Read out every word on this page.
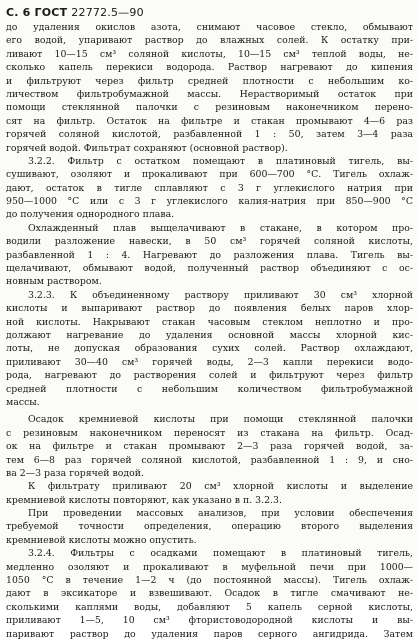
С. 6 ГОСТ 22772.5—90
до удаления окислов азота, снимают часовое стекло, обмывают
его водой, упаривают раствор до влажных солей. К остатку при-
ливают 10—15 см³ соляной кислоты, 10—15 см³ теплой воды, не-
сколько капель перекиси водорода. Раствор нагревают до кипения
и фильтруют через фильтр средней плотности с небольшим ко-
личеством фильтробумажной массы. Нерастворимый остаток при
помощи стеклянной палочки с резиновым наконечником перено-
сят на фильтр. Остаток на фильтре и стакан промывают 4—6 раз
горячей соляной кислотой, разбавленной 1 : 50, затем 3—4 раза
горячей водой. Фильтрат сохраняют (основной раствор).
3.2.2. Фильтр с остатком помещают в платиновый тигель, вы-
сушивают, озоляют и прокаливают при 600—700 °С. Тигель охлаж-
дают, остаток в тигле сплавляют с 3 г углекислого натрия при
950—1000 °С или с 3 г углекислого калия-натрия при 850—900 °С
до получения однородного плава.
Охлажденный плав выщелачивают в стакане, в котором про-
водили разложение навески, в 50 см³ горячей соляной кислоты,
разбавленной 1 : 4. Нагревают до разложения плава. Тигель вы-
щелачивают, обмывают водой, полученный раствор объединяют с ос-
новным раствором.
3.2.3. К объединенному раствору приливают 30 см³ хлорной
кислоты и выпаривают раствор до появления белых паров хлор-
ной кислоты. Накрывают стакан часовым стеклом неплотно и про-
должают нагревание до удаления основной массы хлорной кис-
лоты, не допуская образования сухих солей. Раствор охлаждают,
приливают 30—40 см³ горячей воды, 2—3 капли перекиси водо-
рода, нагревают до растворения солей и фильтруют через фильтр
средней плотности с небольшим количеством фильтробумажной
массы.
Осадок кремниевой кислоты при помощи стеклянной палочки
с резиновым наконечником переносят из стакана на фильтр. Осад-
ок на фильтре и стакан промывают 2—3 раза горячей водой, за-
тем 6—8 раз горячей соляной кислотой, разбавленной 1 : 9, и сно-
ва 2—3 раза горячей водой.
К фильтрату приливают 20 см³ хлорной кислоты и выделение
кремниевой кислоты повторяют, как указано в п. 3.2.3.
При проведении массовых анализов, при условии обеспечения
требуемой точности определения, операцию второго выделения
кремниевой кислоты можно опустить.
3.2.4. Фильтры с осадками помещают в платиновый тигель,
медленно озоляют и прокаливают в муфельной печи при 1000—
1050 °С в течение 1—2 ч (до постоянной массы). Тигель охлаж-
дают в эксикаторе и взвешивают. Осадок в тигле смачивают не-
сколькими каплями воды, добавляют 5 капель серной кислоты,
приливают 1—5, 10 см³ фтористоводородной кислоты и вы-
паривают раствор до удаления паров серного ангидрида. Затем
